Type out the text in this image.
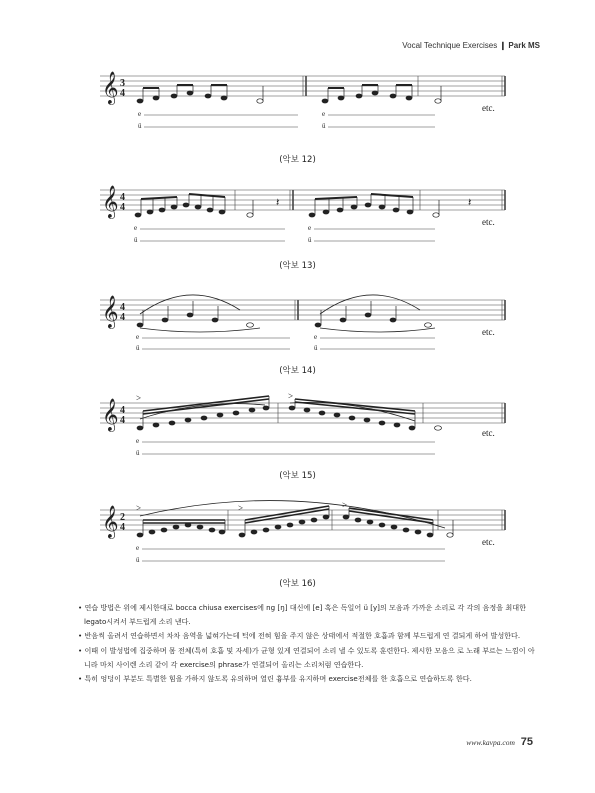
Vocal Technique Exercises ❙ Park MS
𝄞 3
4
e
ü
e
ü
etc.
(악보 12)
𝄞 4
4	𝄽	𝄽
e
ü
e
ü
etc.
(악보 13)
𝄞 4
4
e
ü
e
ü
etc.
(악보 14)
𝄞 4
4
>	>
e
ü
etc.
(악보 15)
𝄞 2
4
>	>	>
e
ü
etc.
(악보 16)

• 연습 방법은 위에 제시한대로 bocca chiusa exercises에 ng [ŋ] 대신에 [e] 혹은 독일어 ü [y]의 모음과 가까운 소리로 각 각의 음정을 최대한 legato시켜서 부드럽게 소리 낸다.

• 반음씩 올려서 연습하면서 차차 음역을 넓혀가는데 턱에 전혀 힘을 주지 않은 상태에서 적절한 호흡과 함께 부드럽게 연 결되게 하여 발성한다.

• 이때 이 발성법에 집중하며 몸 전체(특히 호흡 및 자세)가 균형 있게 연결되어 소리 낼 수 있도록 훈련한다. 제시한 모음으 로 노래 부르는 느낌이 아니라 마치 사이렌 소리 같이 각 exercise의 phrase가 연결되어 올리는 소리처럼 연습한다.

• 특히 엉덩이 부분도 특별한 힘을 가하지 않도록 유의하며 열린 흉부를 유지하며 exercise전체를 한 호흡으로 연습하도록 한다.

www.kavpa.com 75
